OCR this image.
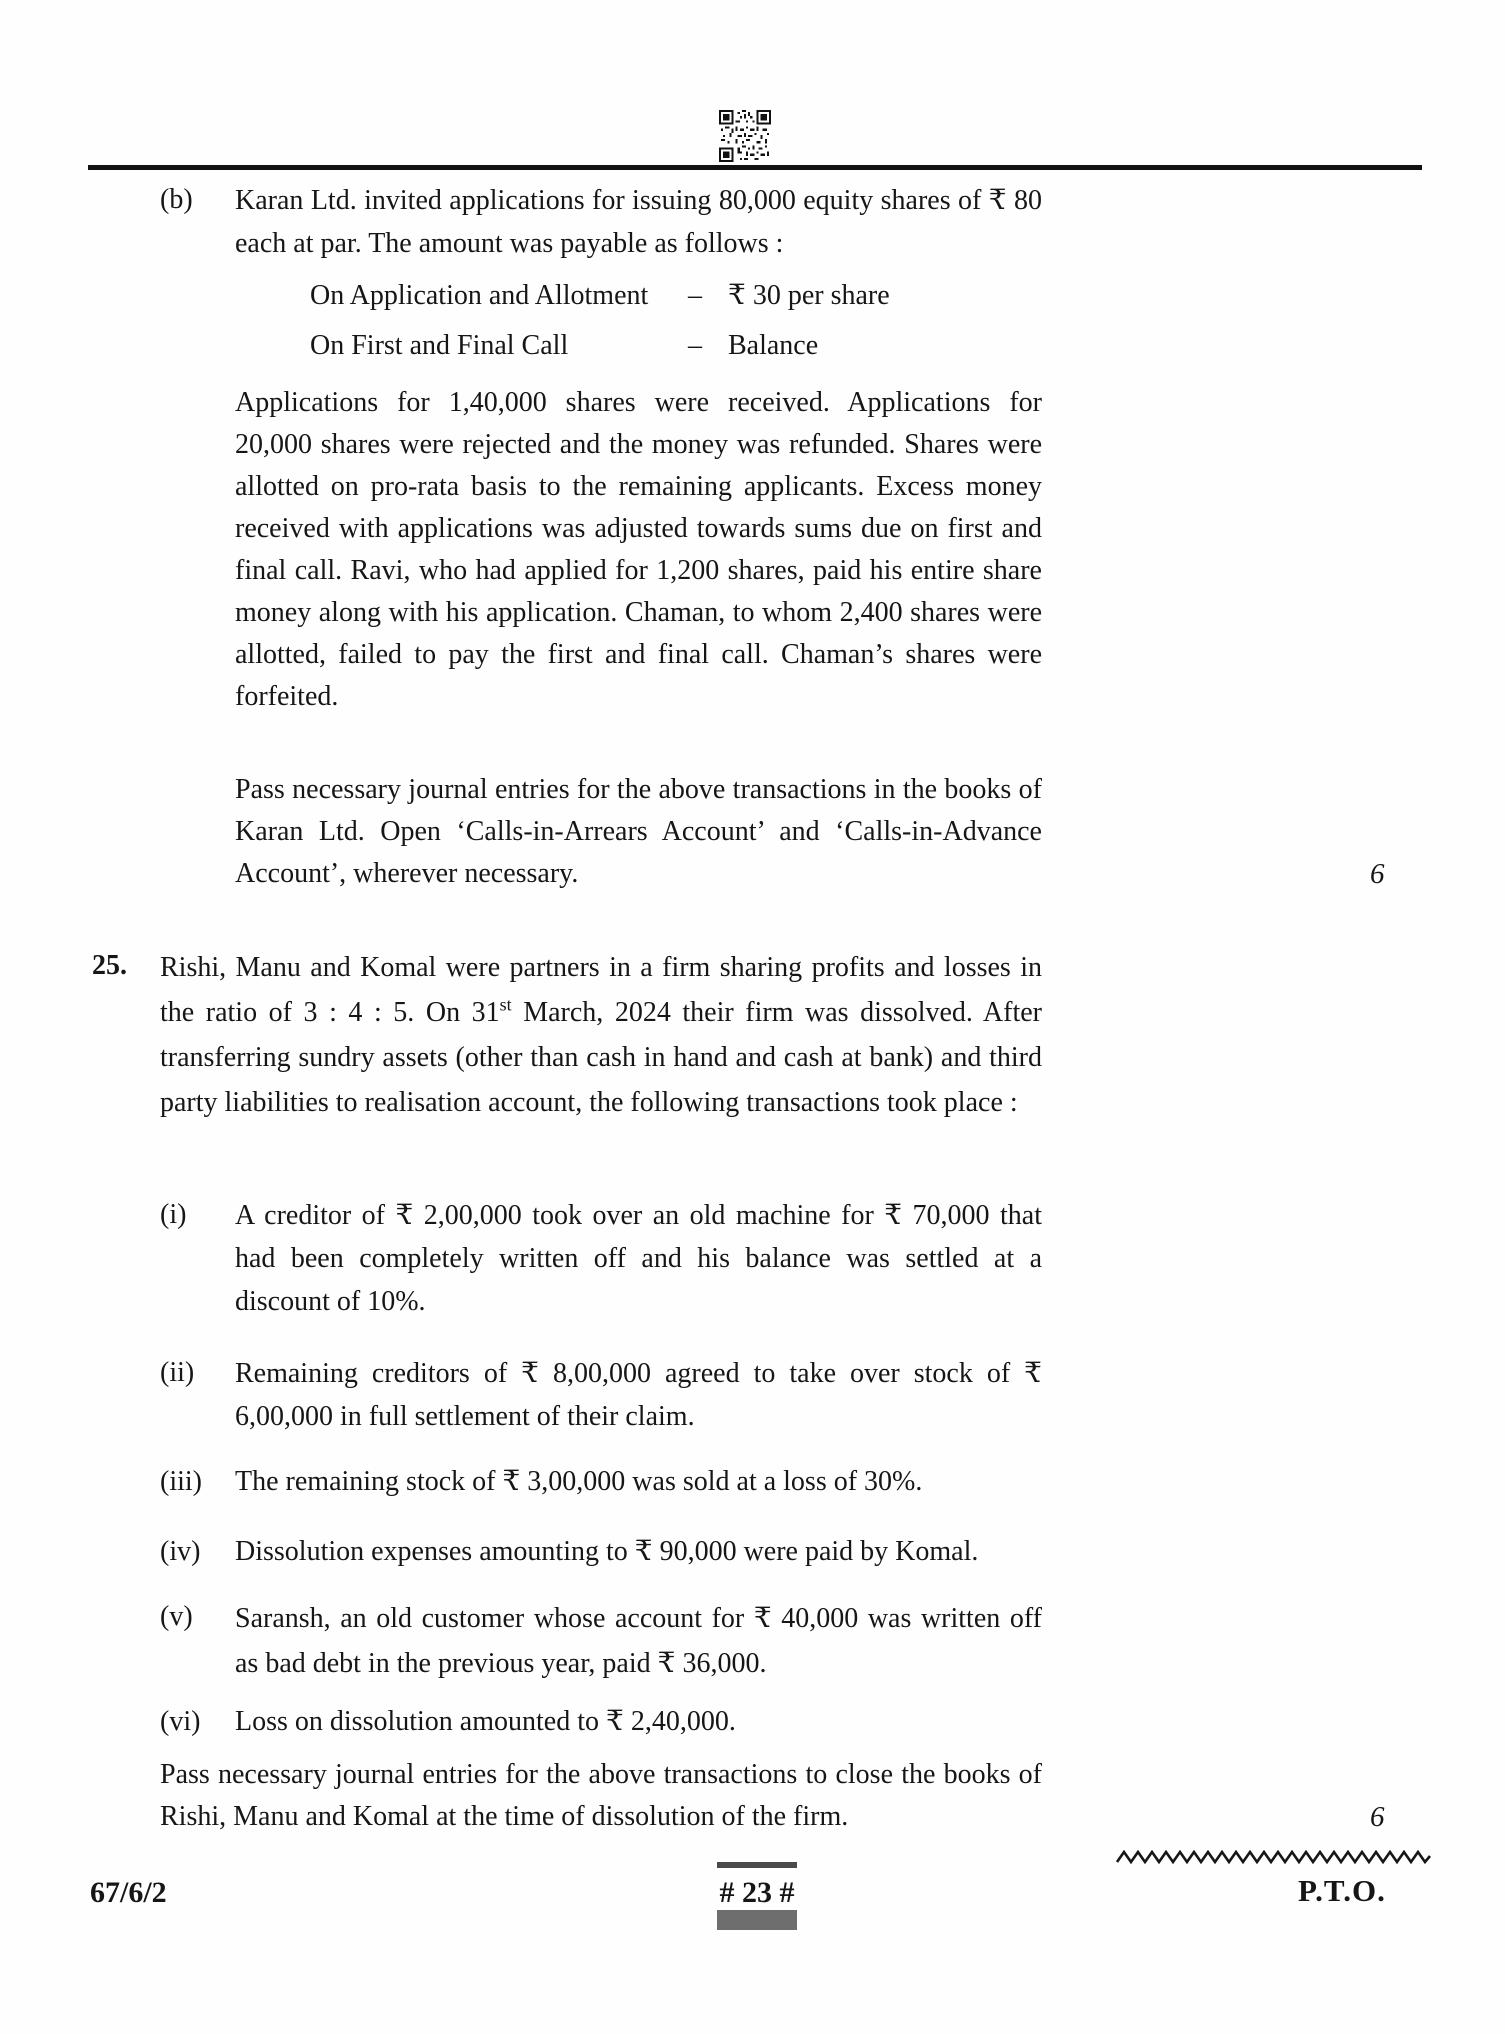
(b) Karan Ltd. invited applications for issuing 80,000 equity shares of ₹ 80 each at par. The amount was payable as follows :
On Application and Allotment – ₹ 30 per share
On First and Final Call	– Balance
Applications for 1,40,000 shares were received. Applications for 20,000 shares were rejected and the money was refunded. Shares were allotted on pro-rata basis to the remaining applicants. Excess money received with applications was adjusted towards sums due on first and final call. Ravi, who had applied for 1,200 shares, paid his entire share money along with his application. Chaman, to whom 2,400 shares were allotted, failed to pay the first and final call. Chaman’s shares were forfeited.
Pass necessary journal entries for the above transactions in the books of Karan Ltd. Open ‘Calls-in-Arrears Account’ and ‘Calls-in-Advance Account’, wherever necessary.	6
25. Rishi, Manu and Komal were partners in a firm sharing profits and losses in the ratio of 3 : 4 : 5. On 31st March, 2024 their firm was dissolved. After transferring sundry assets (other than cash in hand and cash at bank) and third party liabilities to realisation account, the following transactions took place :
(i) A creditor of ₹ 2,00,000 took over an old machine for ₹ 70,000 that had been completely written off and his balance was settled at a discount of 10%.
(ii) Remaining creditors of ₹ 8,00,000 agreed to take over stock of ₹ 6,00,000 in full settlement of their claim.
(iii) The remaining stock of ₹ 3,00,000 was sold at a loss of 30%.
(iv) Dissolution expenses amounting to ₹ 90,000 were paid by Komal.
(v) Saransh, an old customer whose account for ₹ 40,000 was written off as bad debt in the previous year, paid ₹ 36,000.
(vi) Loss on dissolution amounted to ₹ 2,40,000.
Pass necessary journal entries for the above transactions to close the books of Rishi, Manu and Komal at the time of dissolution of the firm.	6
67/6/2	# 23 #	P.T.O.
